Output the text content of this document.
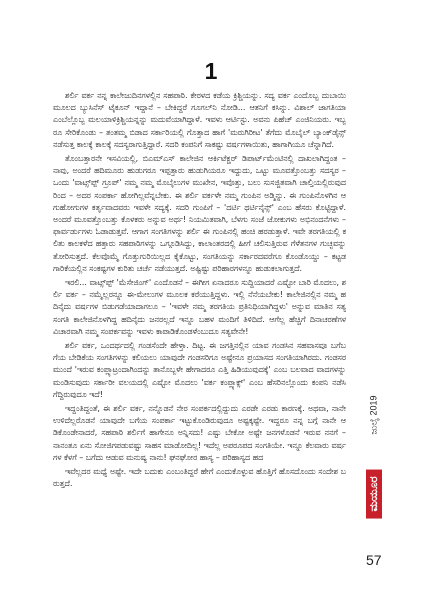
1

ಶರ್ಲಿ ವರ್ಕ ನನ್ನ ಕಾಲೇಜುದಿನಗಳಲ್ಲಿನ ಸಹಪಾಠಿ. ಕೇರಳದ ಕಡೆಯ ಕ್ರಿಶ್ಚಿಯನ್ನು. ಸದ್ಯ ವರ್ಕ ಎಂದೊಬ್ಬ ದುಬಾಯಿ ಮೂಲದ ಬ್ಯುಸಿನೆಸ್ ಟೈಕೂನ್ ಇದ್ದಾನೆ – ಬೇಕಿದ್ದರೆ ಗೂಗಲ್‌ನಿ ನೋಡಿ... ಆತನಿಗೆ ಕಸಿನ್ನು. ವಿಶಾಲ್ ಜಾಗತಿಯಾ ಎಂಬೆಲ್ಲೊಬ್ಬ ಮಲಯಾಳಿಕ್ರಿಶ್ಚಿಯನ್ನನ್ನು ಮದುವೆಯಾಗಿದ್ದಾಳೆ. ಇವಳು ಆರ್ಟಿಸ್ಟು. ಅವನು ಪಿಹೆಚ್ ಎಂಜಿನಿಯರು. ಇಬ್ಬರೂ ಸೇರಿಕೊಂಡು – ತಂತಮ್ಮ ಬಿಡಾದ ಸರ್ಕಾರಿಯಲ್ಲಿ ಗೊತ್ತಾದ ಹಾಗೆ 'ಮರುಗಿರೀಟ' ತೆಗೆದು ಮೊಬೈಲ್ ಬ್ಯಾಂಕ್‌ಡೈನ್ಸ್ ನಡೆಸುತ್ತ ಕಾಲಕ್ಕೆ ಕಾಲಕ್ಕೆ ಸದಸ್ಯರಾಗುತ್ತಿದ್ದಾರೆ. ಸದರಿ ಕಂಪನಿಗೆ ಸಾಕಷ್ಟು ವರ್ಷಗಳಾಯಿತು, ಹಾಗಾಗಿಯೂ ಚೆನ್ನಾಗಿದೆ.

ತೊಂಬತ್ತಾರನೇ ಇಸವಿಯಲ್ಲಿ, ಬಿಎಮ್ಎಸ್ ಕಾಲೇಜಿನ ಆರ್ಕಿಟೆಕ್ಚರ್ ಡಿಪಾರ್ಟ್‌ಮೆಂಟಿನಲ್ಲಿ ದಾಖಲಾಗಿದ್ದಂತ – ನಾವು, ಅಂದರೆ ಹದಿಮೂರು ಹುಡುಗರೂ ಇಪ್ಪತ್ತಾರು ಹುಡುಗಿಯರೂ ಇದ್ದುದು, ಒಟ್ಟು ಮೂವತ್ತೊಂಬತ್ತು ಸದಸ್ಯರ – ಒಂದು 'ವಾಟ್ಸ್‌ಪ್ಪ್ ಗ್ರೂಪ್' ನಮ್ಮ ನಮ್ಮ ಮೊಬೈಲುಗಳ ಮುಖೇನ, ಇವೊತ್ತು, ಬಲು ಸುಸಜ್ಜಿತವಾಗಿ ಚಾಲ್ತಿಯಲ್ಲಿರುವುದರಿಂದ – ಅದರ ಸಂಪರ್ಕಾ ಹೋಗಿಲ್ಲವೆನ್ನಬೇಕು. ಈ ಶರ್ಲಿ ವರ್ಕಳೇ ನಮ್ಮ ಗುಂಪಿನ ಅಡ್ಮಿನ್ನು. ಈ ಗುಂಪಿನೊಳಗಿನ ಆಗುಹೋಗುಗಳ ಕರ್ತೃವಾದವರು ಇವಳೇ ಸದ್ಯಕ್ಕೆ. ಸದರಿ ಗುಂಪಿಗೆ – 'ದರ್ಟಿ ಥರ್ಟಿನೈನ್ಸ್' ಎಂಬ ಹೆಸರು ಕೊಟ್ಟಿದ್ದಾಳೆ. ಅಂದರೆ ಮೂವತ್ತೊಂಬತ್ತು ಕೊಳಕರು ಅನ್ನುವ ಅರ್ಥ! ನಿಯಮಿತವಾಗಿ, ಬೆಳಗು ಸಂಜೆ ಜೋಕುಗಳು ಅಭಿನಂದನೆಗಳು – ಫಾರ್ವರ್ಡುಗಳು ಓಡಾಡುತ್ತವೆ. ಆಗಾಗ ಸಂಗತಿಗಳನ್ನು ಶರ್ಲಿ ಈ ಗುಂಪಿನಲ್ಲಿ ಹಂಚಿ ಹರಡುತ್ತಾಳೆ. ಇವೇ ತರಗತಿಯಲ್ಲಿ ಕಲಿತು ಕಾಲಕಳೆದ ಹತ್ತಾರು ಸಹಪಾಠಿಗಳನ್ನು ಒಗ್ಗೂಡಿಸಿದ್ದು, ಕಾಲಾಂತರದಲ್ಲಿ ಹೀಗೆ ಚಲಿಸುತ್ತಿರುವ ಗೆಳೆತನಗಳ ಗುಚ್ಛವನ್ನು ತೋರಿಸುತ್ತದೆ. ಕೆಲವೊಮ್ಮೆ ಗೊತ್ತುಗುರಿಯಿಲ್ಲದ ಕೈಕೊಟ್ಟು, ಸಂಗತಿಯನ್ನು ಸರ್ಕಾರದವರೆಗೂ ಕೊಂಡೊಯ್ದು – ಕಟ್ಟಡಗಾರಿಕೆಯಲ್ಲಿನ ಸಂಕಷ್ಟಗಳ ಕುರಿತು ಚರ್ಚೆ ನಡೆಯುತ್ತದೆ. ಅಷ್ಟಿಷ್ಟು ಪರಿಹಾರಗಳನ್ನೂ ಹುಡುಕಲಾಗುತ್ತದೆ.

ಇರಲಿ... ವಾಟ್ಸ್‌ಪ್ಪ್ 'ಮೆಸೇಜಿಂಗ್' ಎಂದೊಡನೆ – ಈಗೀಗ ಏನಾದರೂ ಸುದ್ದಿಯಾದರೆ ಎಷ್ಟೋ ಬಾರಿ ಮೊದಲು, ಶರ್ಲಿ ವರ್ಕ – ನಮ್ಮೆಲ್ಲರನ್ನೂ ಈ-ಮೇಲುಗಳ ಮೂಲಕ ಕರೆಯುತ್ತಿದ್ದಳು. ಇಲ್ಲಿ ನೆನೆಯಬೇಕು! ಕಾಲೇಜಿನಲ್ಲಿನ ನಮ್ಮ ಹದಿನೈದು ವರ್ಷಗಳ ಬಿಡುಗಡೆಯಾದಾಗಲೂ – 'ಇವಳೇ ನಮ್ಮ ತರಗತಿಯ ಪ್ರತಿನಿಧಿಯಾಗಿದ್ದಳು' ಅನ್ನುವ ಮಾತಿನ ಸತ್ಯ ಸಂಗತಿ ಕಾಲೇಜಿನೊಳಗಿದ್ದ ಹದಿನೈದು ಜನರಲ್ಲದೆ ಇನ್ನೂ ಬಹಳ ಮಂದಿಗೆ ತಿಳಿದಿದೆ. ಆಗೆಲ್ಲ ಹೆಚ್ಚಿಗೆ ದಿನಾಚರಣೆಗಳ ವಿಚಾರವಾಗಿ ನಮ್ಮ ಸಂಪರ್ಕವನ್ನು ಇವಳು ಕಾಪಾಡಿಕೊಂಡಳೆಂಬುದೂ ಸತ್ಯವೇನೇ!

ಶರ್ಲಿ ವರ್ಕ, ಒಂದರ್ಥದಲ್ಲಿ ಗಂಡಸೆಂದೇ ಹೇಳ್ತಾ. ದಿಟ್ಟ. ಈ ಜಗತ್ತಿನಲ್ಲಿನ ಯಾವ ಗಂಡಸಿನ ಸಹವಾಸವೂ ಬಗೆಬಗೆಯ ಬೇಡಿಕೆಯ ಸಂಗತಿಗಳನ್ನು ಕಲಿಯಲು ಯಾವುದೇ ಗಂಡಸರಿಗೂ ಅಷ್ಟೇನೂ ಪ್ರಯಾಸದ ಸಂಗತಿಯಾಗಿರದು. ಗಂಡಸರ ಮುಂದೆ 'ಇರುವ ಕಂಪ್ಲ್ಯಾಟ್ರಂದಾಗಿಂದನ್ನು ತಾನೊಬ್ಬಳೇ ಹೇಗಾದರೂ ಎತ್ತಿ ಹಿಡಿಯುವುದಕ್ಕೆ' ಎಂಬ ಬಲವಾದ ವಾದಗಳನ್ನು ಮಂಡಿಸುವುದು ಸರ್ಕಾರೀ ವಲಯದಲ್ಲಿ ಎಷ್ಟೋ ಮೊದಲು 'ವರ್ಕ ಕಂಪ್ಲ್ಯಾಕ್ಸ್' ಎಂಬ ಹೆಸರಿನಲ್ಲೊಂದು ಕಂಪನಿ ನಡೆಸಿ ಗೆದ್ದಿರುವುದೂ ಇದೆ!

ಇದ್ದಂತಿದ್ದಂತೆ, ಈ ಶರ್ಲಿ ವರ್ಕ, ನನ್ನೊಡನೆ ನೇರ ಸಂಪರ್ಕದಲ್ಲಿದ್ದುದು ಎರಡೇ ಎರಡು ಕಾರಣಕ್ಕೆ. ಅಥವಾ, ನಾನೇ ಉಳಿದೆಲ್ಲರೊಡನೆ ಯಾವುದೇ ಬಗೆಯ ಸಂಪರ್ಕಾ ಇಟ್ಟುಕೊಂಡಿರುವುದೂ ಅಷ್ಟಕ್ಕಷ್ಟೇ. ಇದ್ದರೂ ನನ್ನ ಬಗ್ಗೆ ನಾನೇ ಆಡಿಕೊಂಡೇನಾದರೆ, ಸಹಪಾಠಿ ಶರ್ಲಿಗೆ ಹಾಗೇನೂ ಅನ್ನಿಸದು! ಎಷ್ಟು ಬೇಕೋ ಅಷ್ಟೇ ಜನಗಳೊಡನೆ ಇರುವ ನನಗೆ – ನಾನಂತೂ ಏನು ಸೋಜಿಗಪಡುವಷ್ಟು ಸಾಹಸ ಮಾಡೋದಿಲ್ಲ! ಇದೆಲ್ಲ ಅಪರೂಪದ ಸಂಗತಿಯೇ. ಇನ್ನೂ ಕೆಲವಾರು ವರ್ಷಗಳ ಕೆಳಗೆ – ಬಗೆದು ಆಡುವ ಮನುಷ್ಯ ನಾನು! ಘನಘೋರ ಹಾಸ್ಯ – ಪರಿಹಾಸ್ಯದ ಹದ

ಇವೆಲ್ಲದರ ಮಧ್ಯೆ ಅಷ್ಟೇ. ಇದೇ ಬದುಕು ಎಂಬಂತಿದ್ದರೆ ಹೇಗೆ ಎಂದುಕೊಳ್ಳುವ ಹೊತ್ತಿಗೆ ಹೊಸದೊಂದು ಸಂದೇಶ ಬರುತ್ತದೆ.

ಜುಲೈ 2019
ಮಯೂರ
57
